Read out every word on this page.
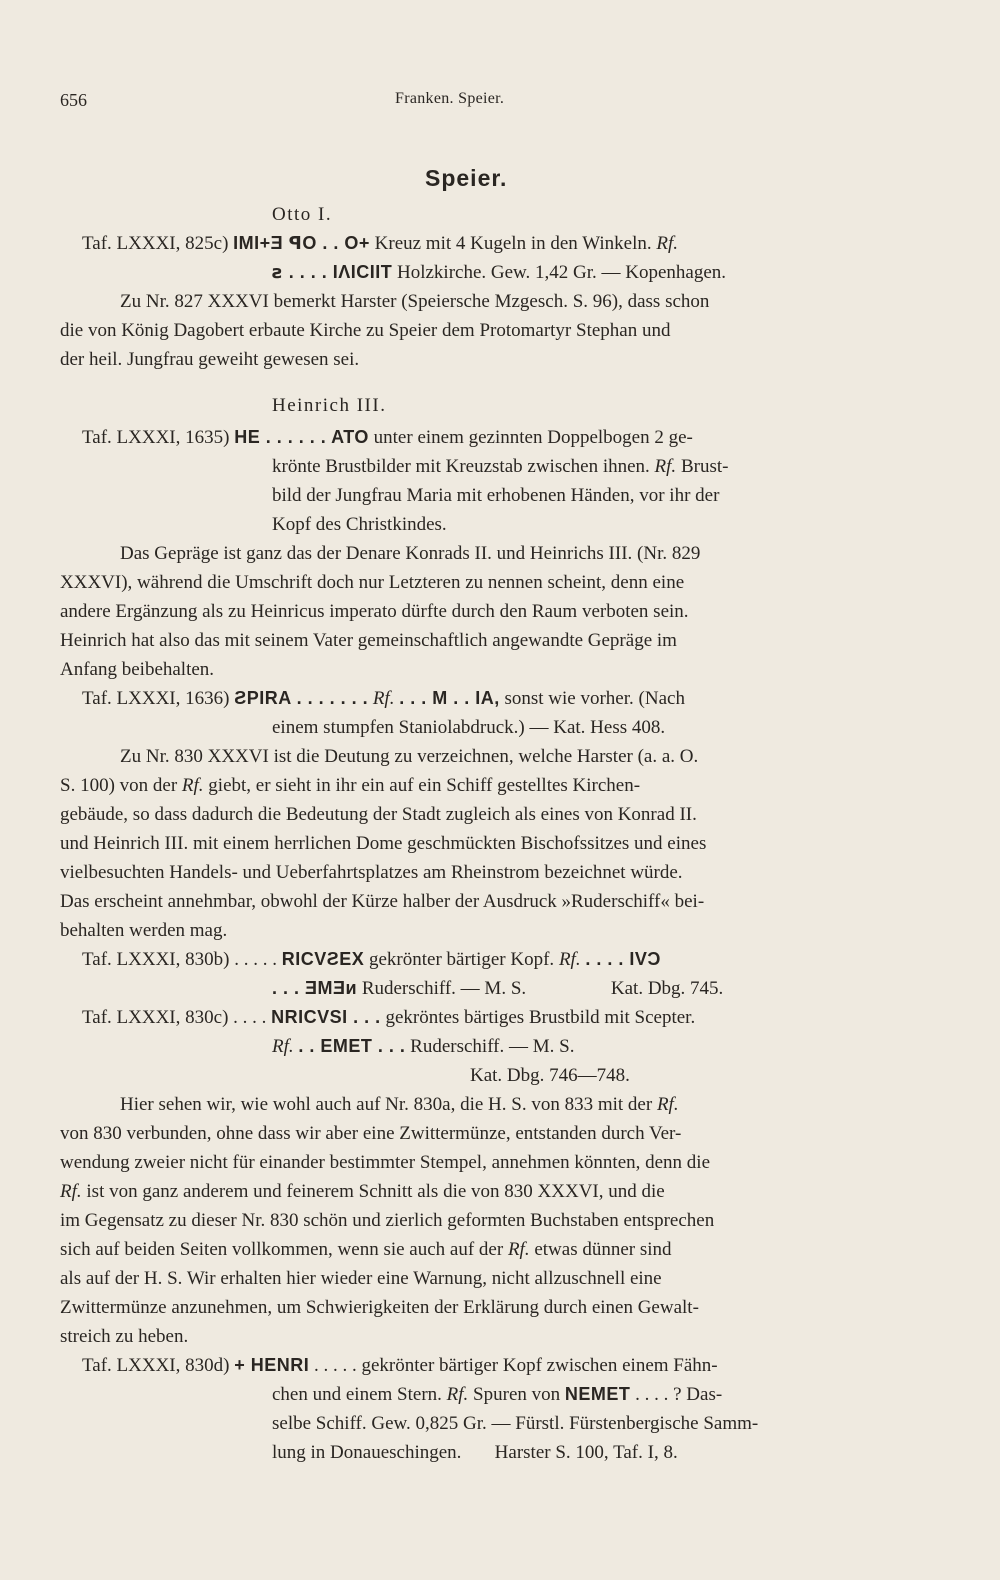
656	Franken. Speier.
Speier.
Otto I.
Taf. LXXXI, 825c) IMI+Ǝ ꟼO . . O+ Kreuz mit 4 Kugeln in den Winkeln. Rf.
ꙅ . . . . IΛICIIT Holzkirche. Gew. 1,42 Gr. — Kopenhagen.
Zu Nr. 827 XXXVI bemerkt Harster (Speiersche Mzgesch. S. 96), dass schon
die von König Dagobert erbaute Kirche zu Speier dem Protomartyr Stephan und
der heil. Jungfrau geweiht gewesen sei.
Heinrich III.
Taf. LXXXI, 1635) HE . . . . . . ATO unter einem gezinnten Doppelbogen 2 ge-
krönte Brustbilder mit Kreuzstab zwischen ihnen. Rf. Brust-
bild der Jungfrau Maria mit erhobenen Händen, vor ihr der
Kopf des Christkindes.
Das Gepräge ist ganz das der Denare Konrads II. und Heinrichs III. (Nr. 829
XXXVI), während die Umschrift doch nur Letzteren zu nennen scheint, denn eine
andere Ergänzung als zu Heinricus imperato dürfte durch den Raum verboten sein.
Heinrich hat also das mit seinem Vater gemeinschaftlich angewandte Gepräge im
Anfang beibehalten.
Taf. LXXXI, 1636) ƧPIRA . . . . . . . Rf. . . . M . . IA, sonst wie vorher. (Nach
einem stumpfen Staniolabdruck.) — Kat. Hess 408.
Zu Nr. 830 XXXVI ist die Deutung zu verzeichnen, welche Harster (a. a. O.
S. 100) von der Rf. giebt, er sieht in ihr ein auf ein Schiff gestelltes Kirchen-
gebäude, so dass dadurch die Bedeutung der Stadt zugleich als eines von Konrad II.
und Heinrich III. mit einem herrlichen Dome geschmückten Bischofssitzes und eines
vielbesuchten Handels- und Ueberfahrtsplatzes am Rheinstrom bezeichnet würde.
Das erscheint annehmbar, obwohl der Kürze halber der Ausdruck »Ruderschiff« bei-
behalten werden mag.
Taf. LXXXI, 830b) . . . . . RICVƧEX gekrönter bärtiger Kopf. Rf. . . . . IVƆ
. . . ƎMƎᴎ Ruderschiff. — M. S.	Kat. Dbg. 745.
Taf. LXXXI, 830c) . . . . NRICVSI . . . gekröntes bärtiges Brustbild mit Scepter.
Rf. . . EMET . . . Ruderschiff. — M. S.
Kat. Dbg. 746—748.
Hier sehen wir, wie wohl auch auf Nr. 830a, die H. S. von 833 mit der Rf.
von 830 verbunden, ohne dass wir aber eine Zwittermünze, entstanden durch Ver-
wendung zweier nicht für einander bestimmter Stempel, annehmen könnten, denn die
Rf. ist von ganz anderem und feinerem Schnitt als die von 830 XXXVI, und die
im Gegensatz zu dieser Nr. 830 schön und zierlich geformten Buchstaben entsprechen
sich auf beiden Seiten vollkommen, wenn sie auch auf der Rf. etwas dünner sind
als auf der H. S. Wir erhalten hier wieder eine Warnung, nicht allzuschnell eine
Zwittermünze anzunehmen, um Schwierigkeiten der Erklärung durch einen Gewalt-
streich zu heben.
Taf. LXXXI, 830d) + HENRI . . . . . gekrönter bärtiger Kopf zwischen einem Fähn-
chen und einem Stern. Rf. Spuren von NEMET . . . . ? Das-
selbe Schiff. Gew. 0,825 Gr. — Fürstl. Fürstenbergische Samm-
lung in Donaueschingen.       Harster S. 100, Taf. I, 8.
